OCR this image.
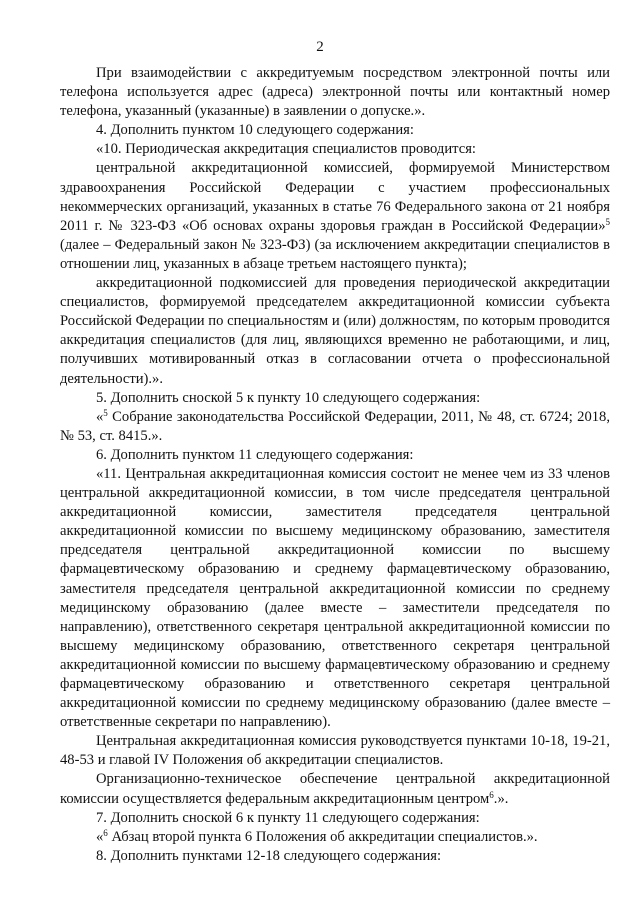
2

При взаимодействии с аккредитуемым посредством электронной почты или телефона используется адрес (адреса) электронной почты или контактный номер телефона, указанный (указанные) в заявлении о допуске.».

4. Дополнить пунктом 10 следующего содержания:

«10. Периодическая аккредитация специалистов проводится:

центральной аккредитационной комиссией, формируемой Министерством здравоохранения Российской Федерации с участием профессиональных некоммерческих организаций, указанных в статье 76 Федерального закона от 21 ноября 2011 г. № 323-ФЗ «Об основах охраны здоровья граждан в Российской Федерации»$^5$ (далее – Федеральный закон № 323-ФЗ) (за исключением аккредитации специалистов в отношении лиц, указанных в абзаце третьем настоящего пункта);

аккредитационной подкомиссией для проведения периодической аккредитации специалистов, формируемой председателем аккредитационной комиссии субъекта Российской Федерации по специальностям и (или) должностям, по которым проводится аккредитация специалистов (для лиц, являющихся временно не работающими, и лиц, получивших мотивированный отказ в согласовании отчета о профессиональной деятельности).».

5. Дополнить сноской 5 к пункту 10 следующего содержания:

«$^5$ Собрание законодательства Российской Федерации, 2011, № 48, ст. 6724; 2018, № 53, ст. 8415.».

6. Дополнить пунктом 11 следующего содержания:

«11. Центральная аккредитационная комиссия состоит не менее чем из 33 членов центральной аккредитационной комиссии, в том числе председателя центральной аккредитационной комиссии, заместителя председателя центральной аккредитационной комиссии по высшему медицинскому образованию, заместителя председателя центральной аккредитационной комиссии по высшему фармацевтическому образованию и среднему фармацевтическому образованию, заместителя председателя центральной аккредитационной комиссии по среднему медицинскому образованию (далее вместе – заместители председателя по направлению), ответственного секретаря центральной аккредитационной комиссии по высшему медицинскому образованию, ответственного секретаря центральной аккредитационной комиссии по высшему фармацевтическому образованию и среднему фармацевтическому образованию и ответственного секретаря центральной аккредитационной комиссии по среднему медицинскому образованию (далее вместе – ответственные секретари по направлению).

Центральная аккредитационная комиссия руководствуется пунктами 10-18, 19-21, 48-53 и главой IV Положения об аккредитации специалистов.

Организационно-техническое обеспечение центральной аккредитационной комиссии осуществляется федеральным аккредитационным центром$^6$.».

7. Дополнить сноской 6 к пункту 11 следующего содержания:

«$^6$ Абзац второй пункта 6 Положения об аккредитации специалистов.».

8. Дополнить пунктами 12-18 следующего содержания:
